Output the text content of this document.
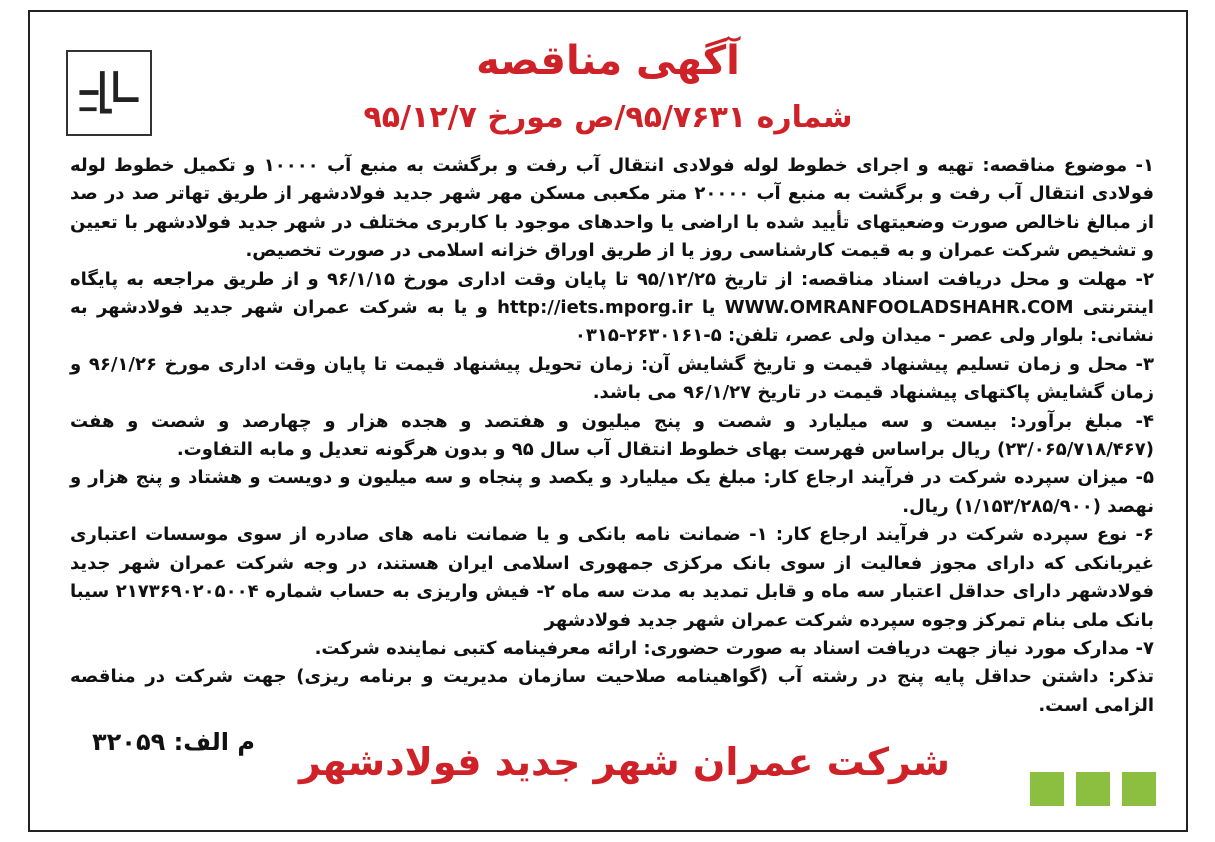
آگهی مناقصه
شماره ۹۵/۷۶۳۱/ص مورخ ۹۵/۱۲/۷

۱- موضوع مناقصه: تهیه و اجرای خطوط لوله فولادی انتقال آب رفت و برگشت به منبع آب ۱۰۰۰۰ و تکمیل خطوط لوله فولادی انتقال آب رفت و برگشت به منبع آب ۲۰۰۰۰ متر مکعبی مسکن مهر شهر جدید فولادشهر از طریق تهاتر صد در صد از مبالغ ناخالص صورت وضعیتهای تأیید شده با اراضی یا واحدهای موجود با کاربری مختلف در شهر جدید فولادشهر با تعیین و تشخیص شرکت عمران و به قیمت کارشناسی روز یا از طریق اوراق خزانه اسلامی در صورت تخصیص.

۲- مهلت و محل دریافت اسناد مناقصه: از تاریخ ۹۵/۱۲/۲۵ تا پایان وقت اداری مورخ ۹۶/۱/۱۵ و از طریق مراجعه به پایگاه اینترنتی WWW.OMRANFOOLADSHAHR.COM یا http://iets.mporg.ir و یا به شرکت عمران شهر جدید فولادشهر به نشانی: بلوار ولی عصر - میدان ولی عصر، تلفن: ۵-۲۶۳۰۱۶۱-۰۳۱۵

۳- محل و زمان تسلیم پیشنهاد قیمت و تاریخ گشایش آن: زمان تحویل پیشنهاد قیمت تا پایان وقت اداری مورخ ۹۶/۱/۲۶ و زمان گشایش پاکتهای پیشنهاد قیمت در تاریخ ۹۶/۱/۲۷ می باشد.

۴- مبلغ برآورد: بیست و سه میلیارد و شصت و پنج میلیون و هفتصد و هجده هزار و چهارصد و شصت و هفت (۲۳/۰۶۵/۷۱۸/۴۶۷) ریال براساس فهرست بهای خطوط انتقال آب سال ۹۵ و بدون هرگونه تعدیل و مابه التفاوت.

۵- میزان سپرده شرکت در فرآیند ارجاع کار: مبلغ یک میلیارد و یکصد و پنجاه و سه میلیون و دویست و هشتاد و پنج هزار و نهصد (۱/۱۵۳/۲۸۵/۹۰۰) ریال.

۶- نوع سپرده شرکت در فرآیند ارجاع کار: ۱- ضمانت نامه بانکی و یا ضمانت نامه های صادره از سوی موسسات اعتباری غیربانکی که دارای مجوز فعالیت از سوی بانک مرکزی جمهوری اسلامی ایران هستند، در وجه شرکت عمران شهر جدید فولادشهر دارای حداقل اعتبار سه ماه و قابل تمدید به مدت سه ماه ۲- فیش واریزی به حساب شماره ۲۱۷۳۶۹۰۲۰۵۰۰۴ سیبا بانک ملی بنام تمرکز وجوه سپرده شرکت عمران شهر جدید فولادشهر

۷- مدارک مورد نیاز جهت دریافت اسناد به صورت حضوری: ارائه معرفینامه کتبی نماینده شرکت.

تذکر: داشتن حداقل پایه پنج در رشته آب (گواهینامه صلاحیت سازمان مدیریت و برنامه ریزی) جهت شرکت در مناقصه الزامی است.

م الف: ۳۲۰۵۹ شرکت عمران شهر جدید فولادشهر
